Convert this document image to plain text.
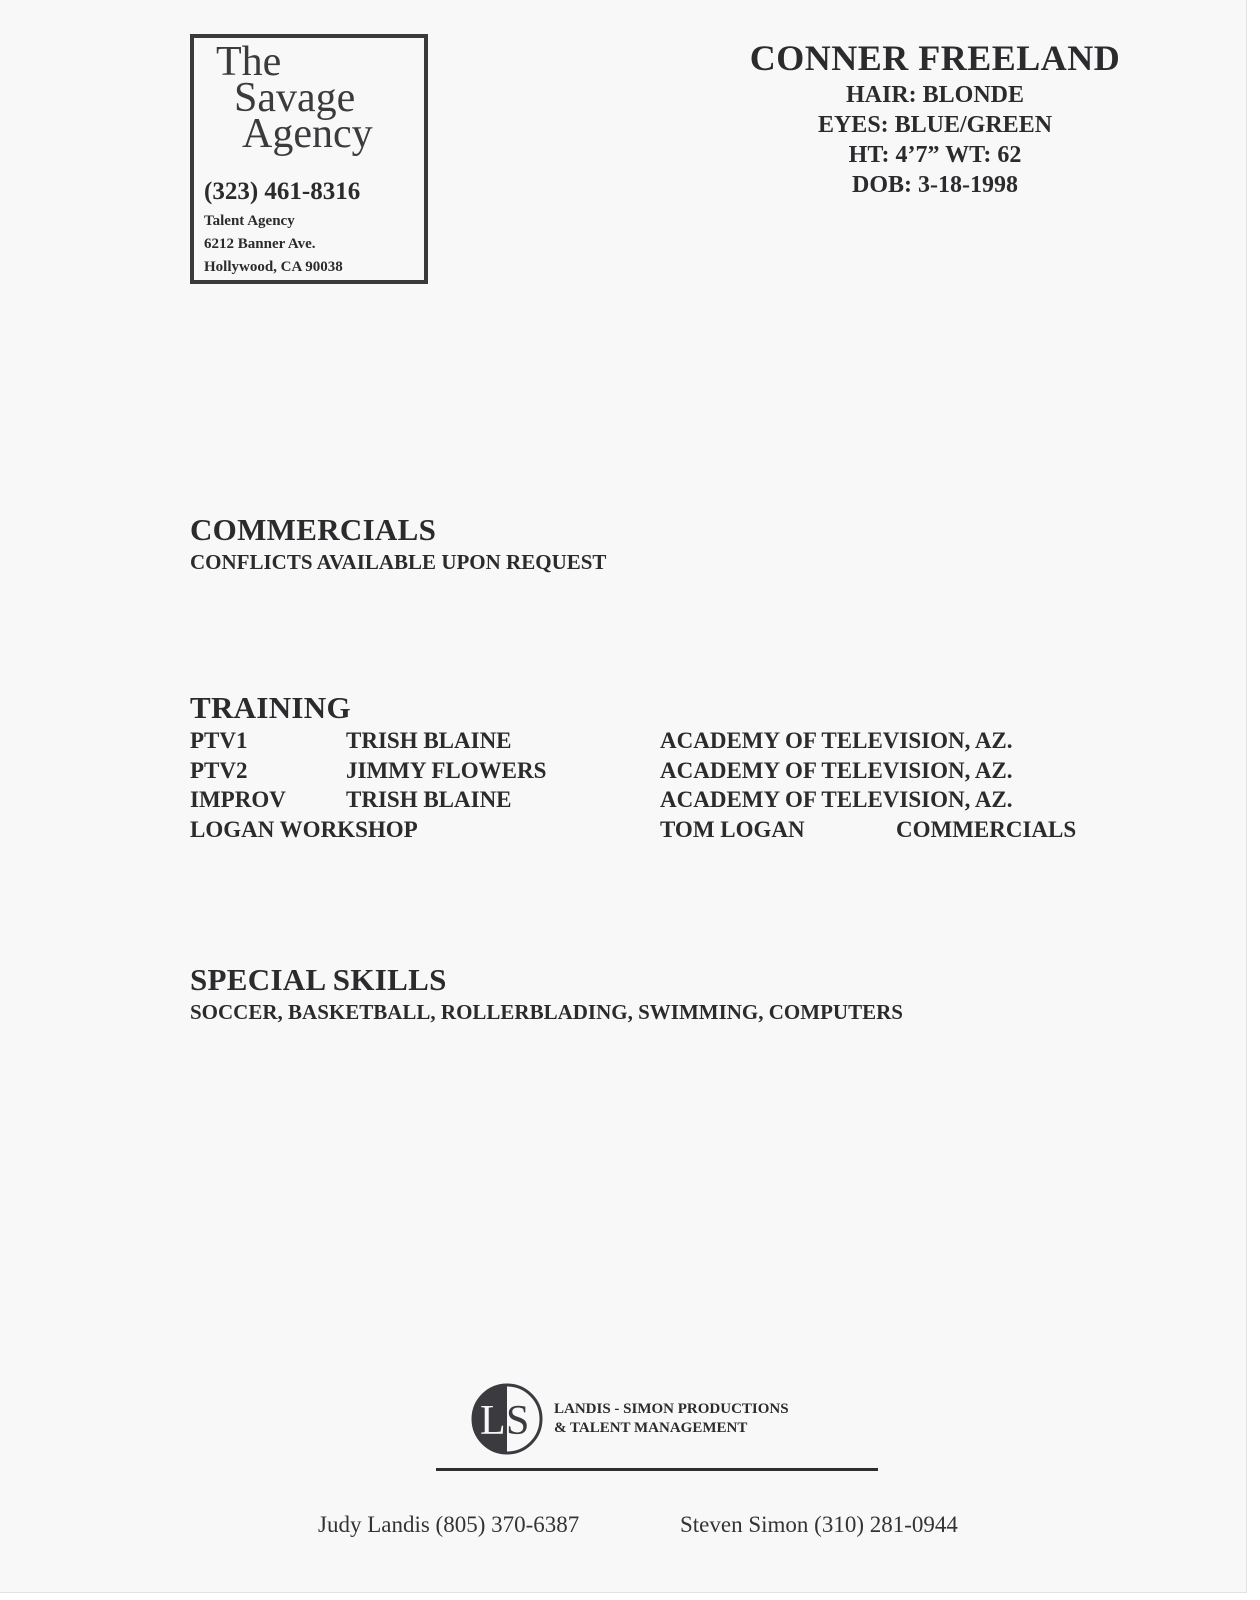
The
Savage
Agency
(323) 461-8316
Talent Agency
6212 Banner Ave.
Hollywood, CA 90038
CONNER FREELAND
HAIR: BLONDE
EYES: BLUE/GREEN
HT: 4’7” WT: 62
DOB: 3-18-1998
COMMERCIALS
CONFLICTS AVAILABLE UPON REQUEST
TRAINING
PTV1	TRISH BLAINE	ACADEMY OF TELEVISION, AZ.
PTV2	JIMMY FLOWERS	ACADEMY OF TELEVISION, AZ.
IMPROV	TRISH BLAINE	ACADEMY OF TELEVISION, AZ.
LOGAN WORKSHOP	TOM LOGAN	COMMERCIALS
SPECIAL SKILLS
SOCCER, BASKETBALL, ROLLERBLADING, SWIMMING, COMPUTERS
L S LANDIS - SIMON PRODUCTIONS
& TALENT MANAGEMENT
Judy Landis (805) 370-6387	Steven Simon (310) 281-0944
